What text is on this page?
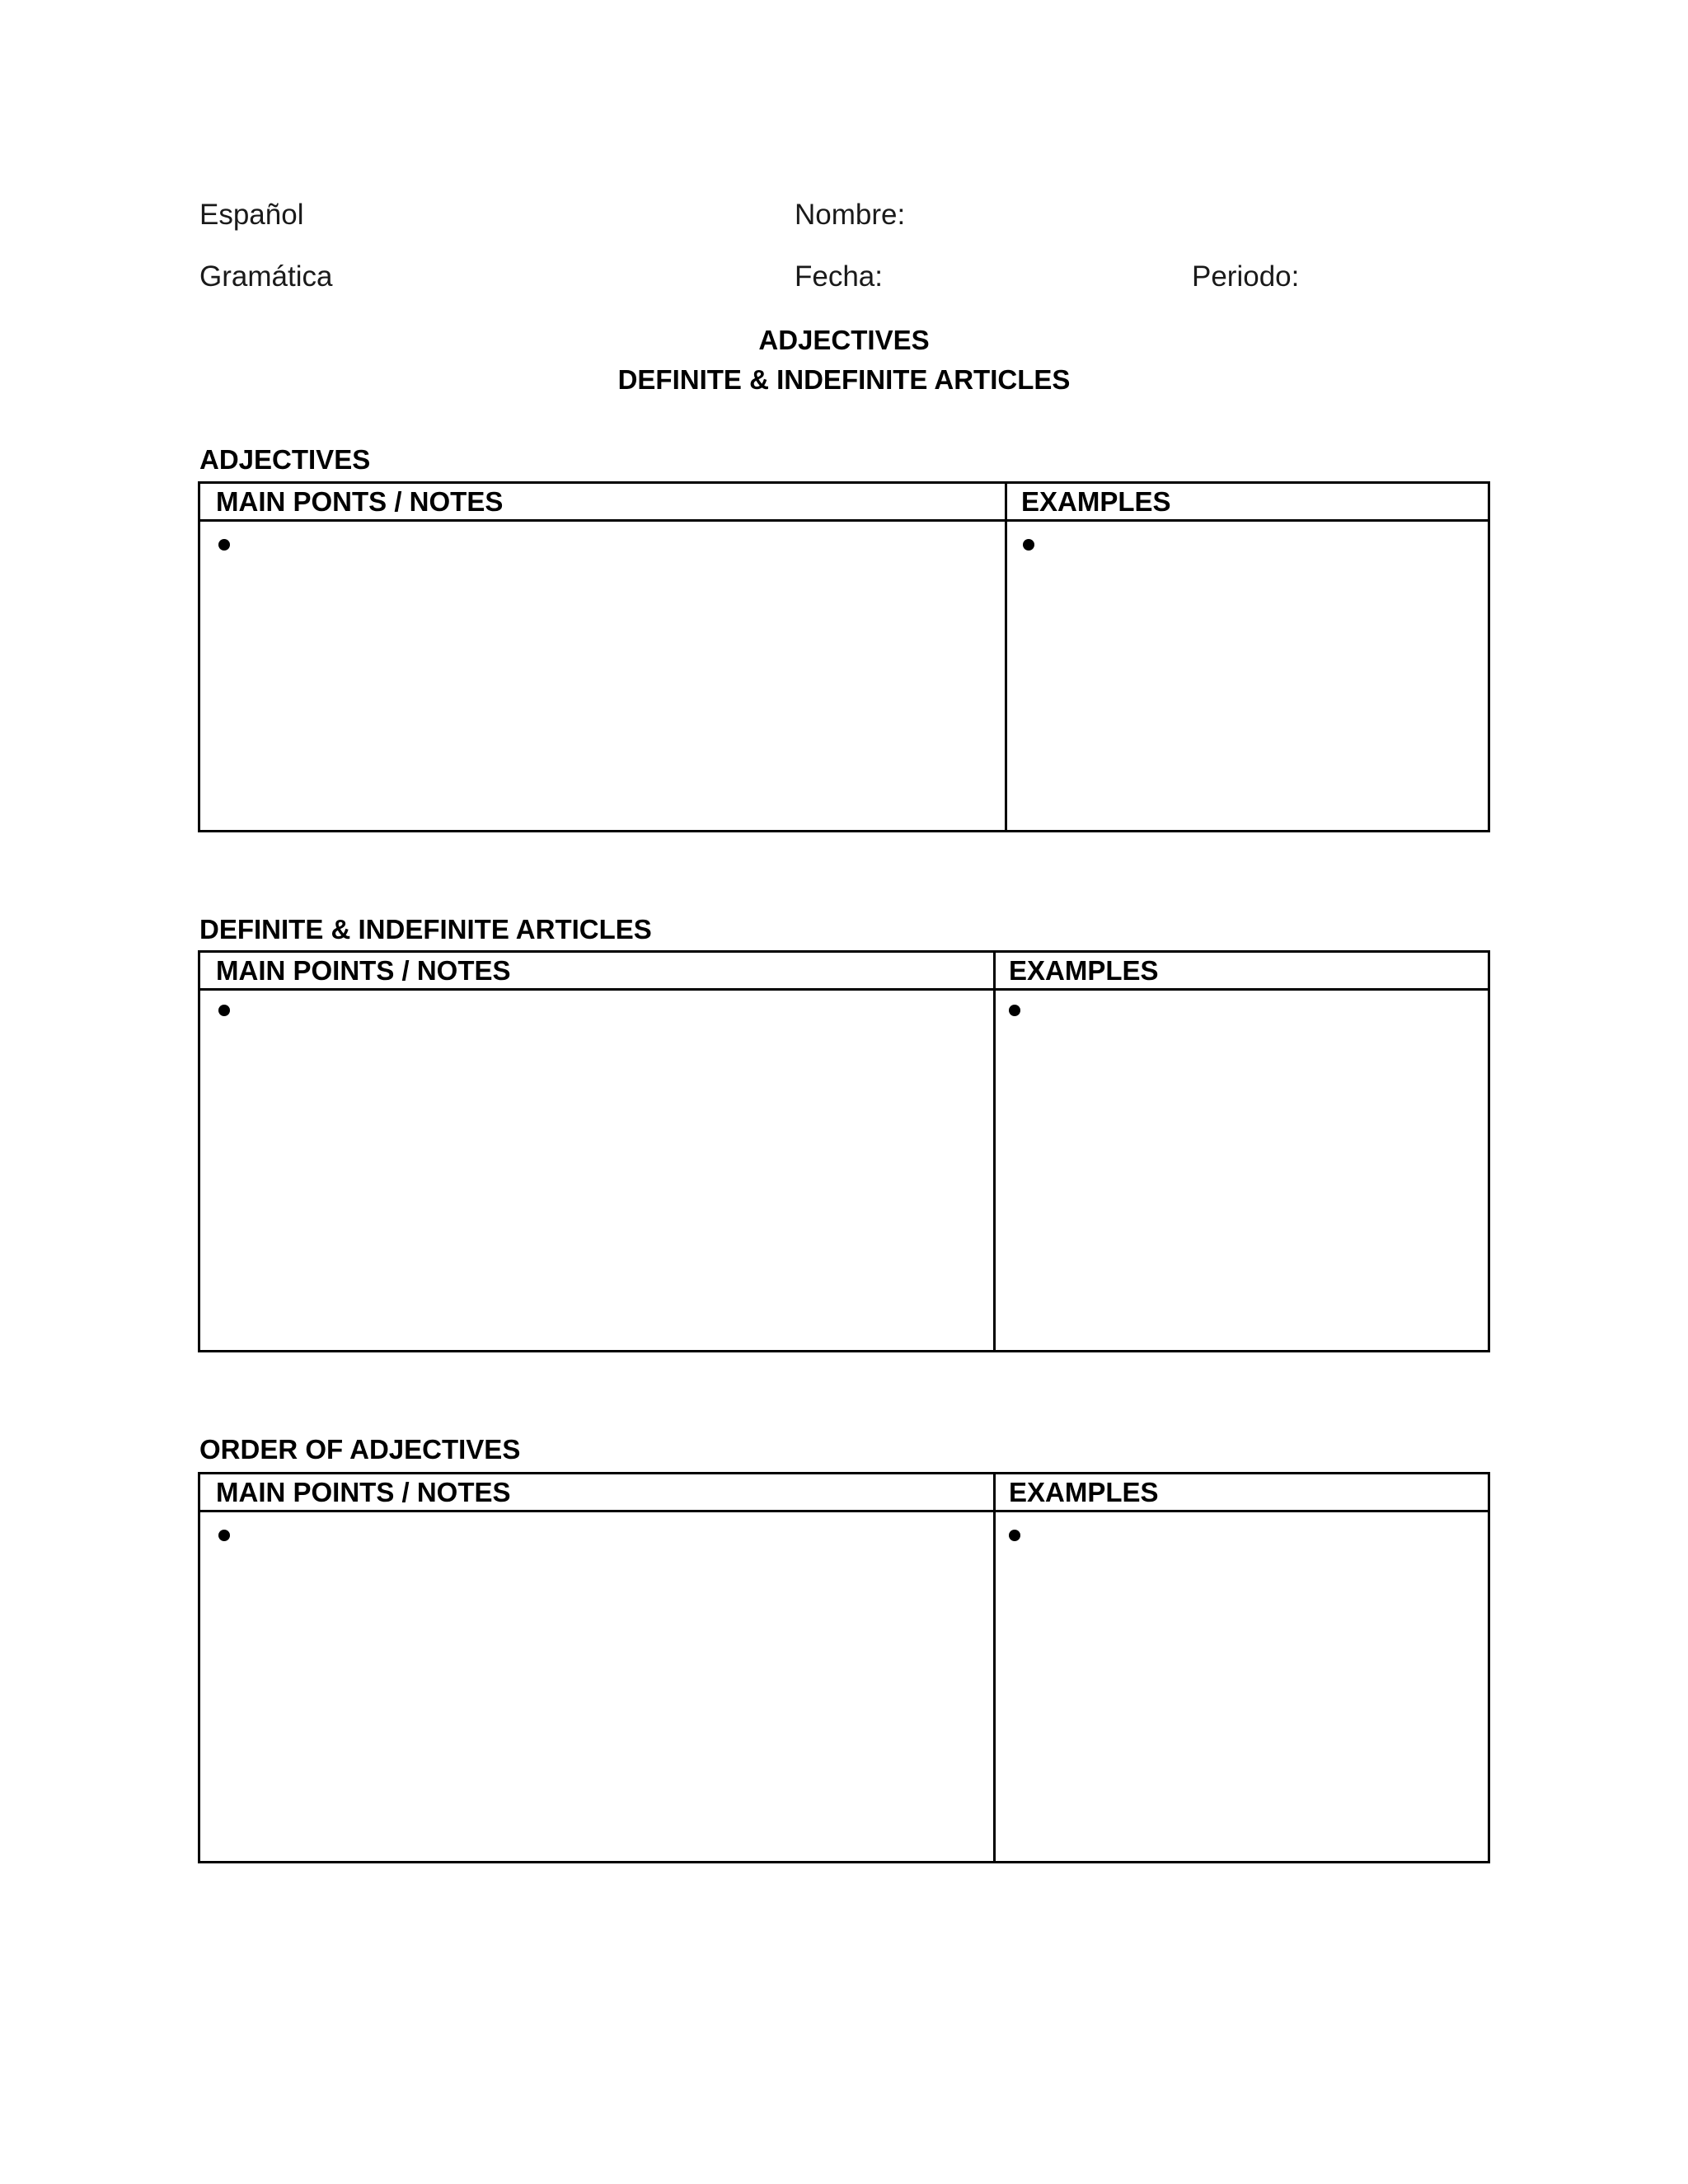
Español	Nombre:
Gramática	Fecha:	Periodo:
ADJECTIVES
DEFINITE & INDEFINITE ARTICLES
ADJECTIVES
MAIN PONTS / NOTES	EXAMPLES
DEFINITE & INDEFINITE ARTICLES
MAIN POINTS / NOTES	EXAMPLES
ORDER OF ADJECTIVES
MAIN POINTS / NOTES	EXAMPLES
